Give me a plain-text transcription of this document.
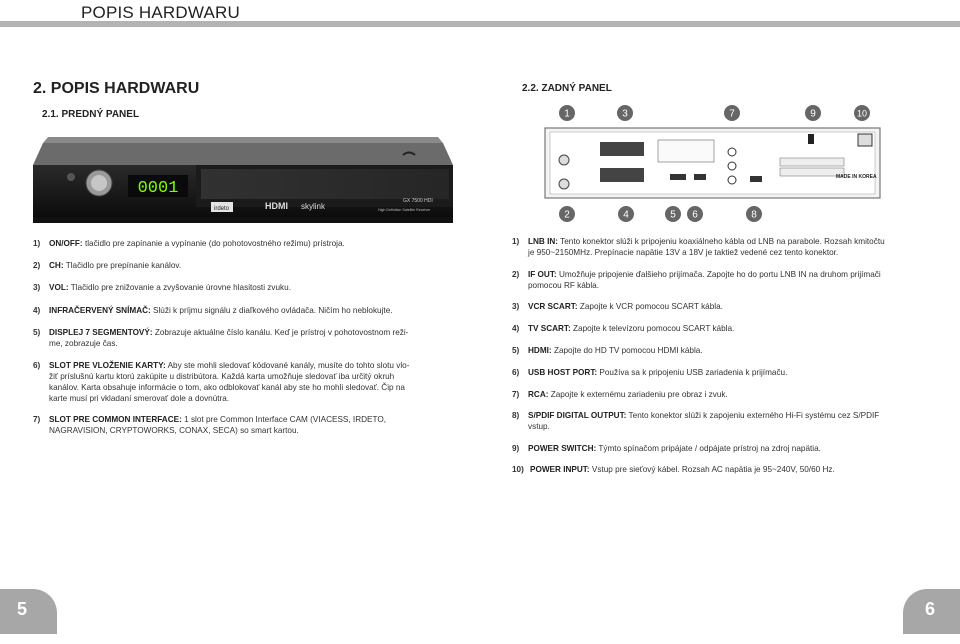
POPIS HARDWARU
2. POPIS HARDWARU
2.1. PREDNÝ PANEL
2.2. ZADNÝ PANEL
0001
HDMI skylink
irdeto
GX 7500 HDI
High Definition Satellite Receiver
MADE IN KOREA
1	3	7	9	10
2	4	5 6	8
1) ON/OFF: tlačidlo pre zapínanie a vypínanie (do pohotovostného režimu) prístroja.
2) CH: Tlačidlo pre prepínanie kanálov.
3) VOL: Tlačidlo pre znižovanie a zvyšovanie úrovne hlasitosti zvuku.
4) INFRAČERVENÝ SNÍMAČ: Slúži k príjmu signálu z diaľkového ovládača. Ničím ho neblokujte.
5) DISPLEJ 7 SEGMENTOVÝ: Zobrazuje aktuálne číslo kanálu. Keď je prístroj v pohotovostnom reži-
me, zobrazuje čas.
6) SLOT PRE VLOŽENIE KARTY: Aby ste mohli sledovať kódované kanály, musíte do tohto slotu vlo-
žiť príslušnú kartu ktorú zakúpite u distribútora. Každá karta umožňuje sledovať iba určitý okruh
kanálov. Karta obsahuje informácie o tom, ako odblokovať kanál aby ste ho mohli sledovať. Čip na
karte musí pri vkladaní smerovať dole a dovnútra.
7) SLOT PRE COMMON INTERFACE: 1 slot pre Common Interface CAM (VIACESS, IRDETO,
NAGRAVISION, CRYPTOWORKS, CONAX, SECA) so smart kartou.
1) LNB IN: Tento konektor slúži k pripojeniu koaxiálneho kábla od LNB na parabole. Rozsah kmitočtu
je 950~2150MHz. Prepínacie napätie 13V a 18V je taktiež vedené cez tento konektor.
2) IF OUT: Umožňuje pripojenie ďalšieho prijímača. Zapojte ho do portu LNB IN na druhom prijímači
pomocou RF kábla.
3) VCR SCART: Zapojte k VCR pomocou SCART kábla.
4) TV SCART: Zapojte k televízoru pomocou SCART kábla.
5) HDMI: Zapojte do HD TV pomocou HDMI kábla.
6) USB HOST PORT: Používa sa k pripojeniu USB zariadenia k prijímaču.
7) RCA: Zapojte k externému zariadeniu pre obraz i zvuk.
8) S/PDIF DIGITAL OUTPUT: Tento konektor slúži k zapojeniu externého Hi-Fi systému cez S/PDIF
vstup.
9) POWER SWITCH: Týmto spínačom pripájate / odpájate prístroj na zdroj napätia.
10) POWER INPUT: Vstup pre sieťový kábel. Rozsah AC napätia je 95~240V, 50/60 Hz.
5	6
